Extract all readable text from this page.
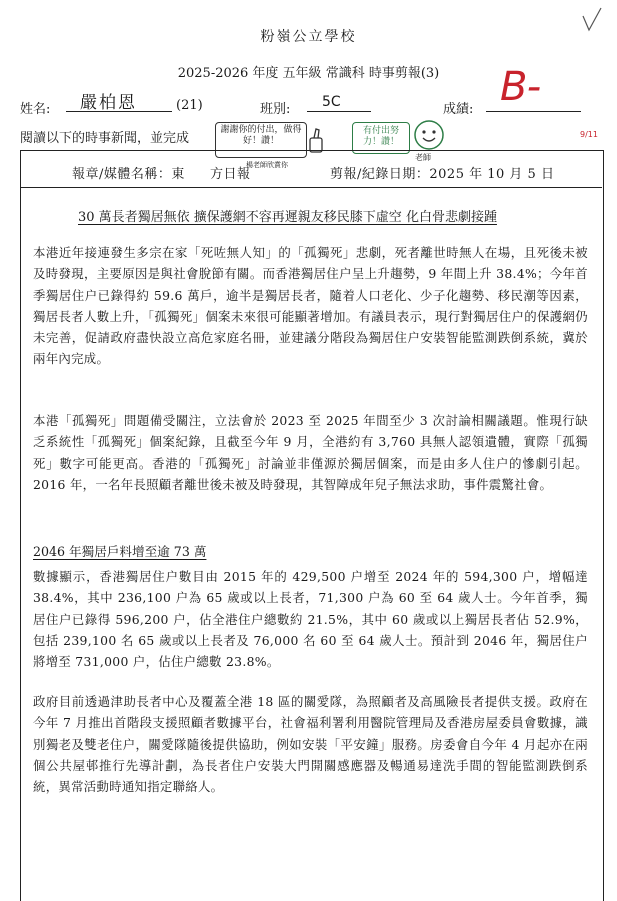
粉嶺公立學校
2025-2026 年度 五年級 常識科 時事剪報(3)
姓名: 嚴柏恩	(21)	班別: 5C	成績: B-
9/11
閱讀以下的時事新聞，並完成
謝謝你的付出，做得好！讚！
楊老師欣賞你
有付出努力！讚！
老師
報章/媒體名稱：東 方日報	剪報/紀錄日期：2025 年 10 月 5 日
30 萬長者獨居無依 擴保護網不容再遲親友移民膝下虛空 化白骨悲劇接踵
本港近年接連發生多宗在家「死咗無人知」的「孤獨死」悲劇，死者離世時無人在場，且死後未被及時發現，主要原因是與社會脫節有關。而香港獨居住户呈上升趨勢，9 年間上升 38.4%；今年首季獨居住户已錄得約 59.6 萬戶，逾半是獨居長者，隨着人口老化、少子化趨勢、移民潮等因素，獨居長者人數上升，「孤獨死」個案未來很可能顯著增加。有議員表示，現行對獨居住户的保護網仍未完善，促請政府盡快設立高危家庭名冊，並建議分階段為獨居住户安裝智能監測跌倒系統，冀於兩年內完成。
本港「孤獨死」問題備受關注，立法會於 2023 至 2025 年間至少 3 次討論相關議題。惟現行缺乏系統性「孤獨死」個案紀錄，且截至今年 9 月，全港約有 3,760 具無人認領遺體，實際「孤獨死」數字可能更高。香港的「孤獨死」討論並非僅源於獨居個案，而是由多人住户的慘劇引起。2016 年，一名年長照顧者離世後未被及時發現，其智障成年兒子無法求助，事件震驚社會。
2046 年獨居戶料增至逾 73 萬
數據顯示，香港獨居住户數目由 2015 年的 429,500 户增至 2024 年的 594,300 户，增幅達 38.4%，其中 236,100 户為 65 歲或以上長者，71,300 户為 60 至 64 歲人士。今年首季，獨居住户已錄得 596,200 户，佔全港住户總數約 21.5%，其中 60 歲或以上獨居長者佔 52.9%，包括 239,100 名 65 歲或以上長者及 76,000 名 60 至 64 歲人士。預計到 2046 年，獨居住户將增至 731,000 户，佔住户總數 23.8%。
政府目前透過津助長者中心及覆蓋全港 18 區的關愛隊，為照顧者及高風險長者提供支援。政府在今年 7 月推出首階段支援照顧者數據平台，社會福利署利用醫院管理局及香港房屋委員會數據，識別獨老及雙老住户，關愛隊隨後提供協助，例如安裝「平安鐘」服務。房委會自今年 4 月起亦在兩個公共屋邨推行先導計劃，為長者住户安裝大門開關感應器及暢通易達洗手間的智能監測跌倒系統，異常活動時通知指定聯絡人。
